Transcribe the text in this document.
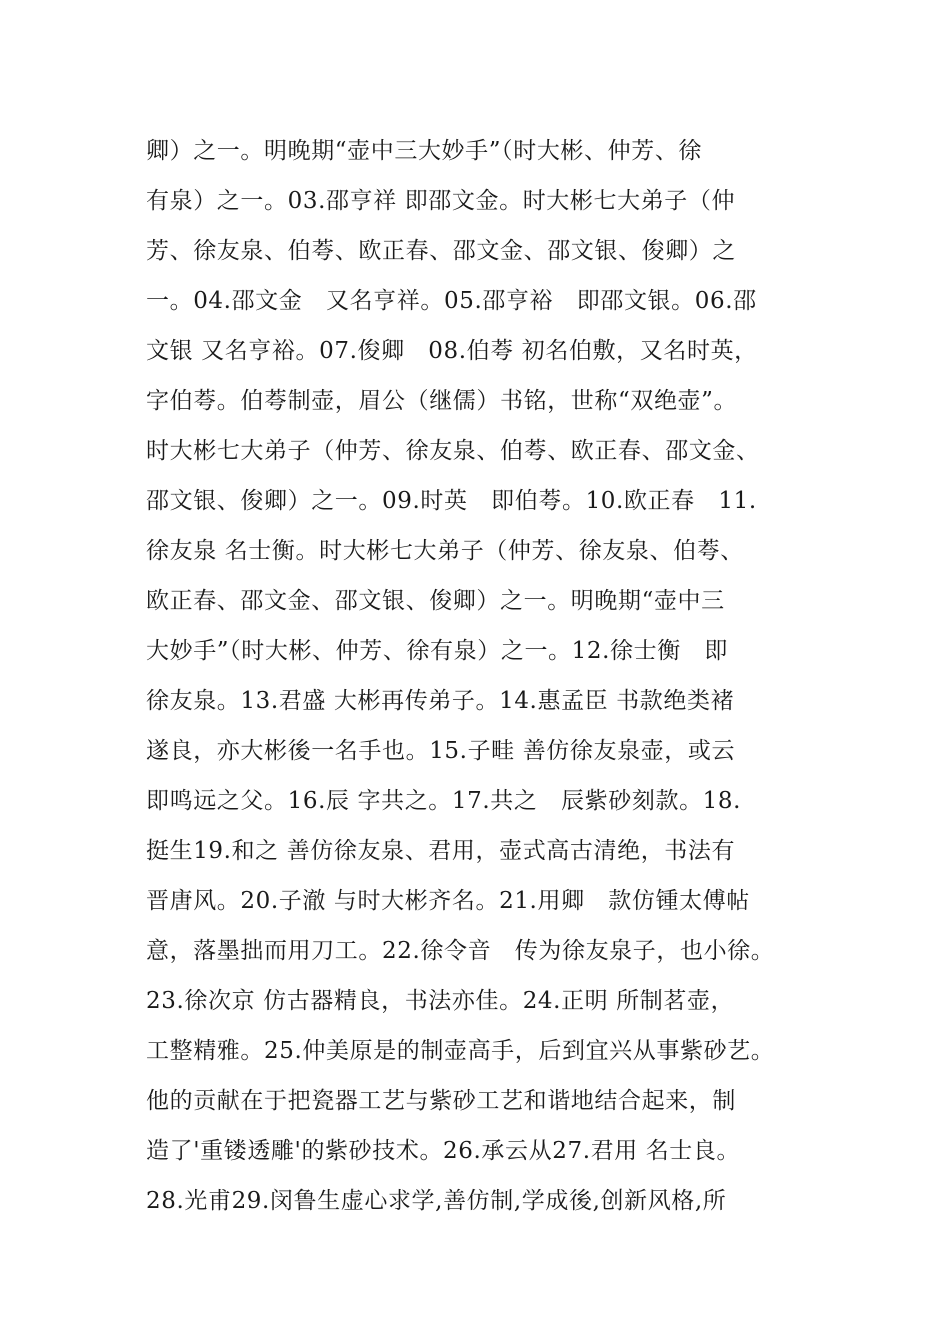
卿）之一。明晚期“壶中三大妙手”（时大彬、仲芳、徐
有泉）之一。03.邵亨祥 即邵文金。时大彬七大弟子（仲
芳、徐友泉、伯荂、欧正春、邵文金、邵文银、俊卿）之
一。04.邵文金　又名亨祥。05.邵亨裕　即邵文银。06.邵
文银 又名亨裕。07.俊卿　08.伯荂 初名伯敷，又名时英，
字伯荂。伯荂制壶，眉公（继儒）书铭，世称“双绝壶”。
时大彬七大弟子（仲芳、徐友泉、伯荂、欧正春、邵文金、
邵文银、俊卿）之一。09.时英　即伯荂。10.欧正春　11.
徐友泉 名士衡。时大彬七大弟子（仲芳、徐友泉、伯荂、
欧正春、邵文金、邵文银、俊卿）之一。明晚期“壶中三
大妙手”（时大彬、仲芳、徐有泉）之一。12.徐士衡　即
徐友泉。13.君盛 大彬再传弟子。14.惠孟臣 书款绝类褚
遂良，亦大彬後一名手也。15.子畦 善仿徐友泉壶，或云
即鸣远之父。16.辰 字共之。17.共之　辰紫砂刻款。18.
挺生19.和之 善仿徐友泉、君用，壶式高古清绝，书法有
晋唐风。20.子澈 与时大彬齐名。21.用卿　款仿锺太傅帖
意，落墨拙而用刀工。22.徐令音　传为徐友泉子，也小徐。
23.徐次京 仿古器精良，书法亦佳。24.正明 所制茗壶，
工整精雅。25.仲美原是的制壶高手，后到宜兴从事紫砂艺。
他的贡献在于把瓷器工艺与紫砂工艺和谐地结合起来，制
造了'重镂透雕'的紫砂技术。26.承云从27.君用 名士良。
28.光甫29.闵鲁生虚心求学,善仿制,学成後,创新风格,所
